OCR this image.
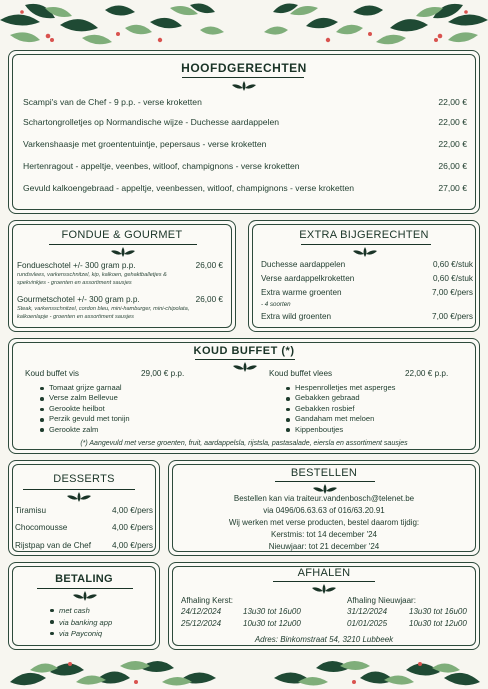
HOOFDGERECHTEN
Scampi's van de Chef - 9 p.p. - verse kroketten	22,00 €
Schartongrolletjes op Normandische wijze - Duchesse aardappelen	22,00 €
Varkenshaasje met groententuintje, pepersaus - verse kroketten	22,00 €
Hertenragout - appeltje, veenbes, witloof, champignons - verse kroketten	26,00 €
Gevuld kalkoengebraad - appeltje, veenbessen, witloof, champignons - verse kroketten	27,00 €
FONDUE & GOURMET
Fondueschotel +/- 300 gram p.p.	26,00 €
rundsvlees, varkensschnitzel, kip, kalkoen, gehaktballetjes & spekvinkjes - groenten en assortiment sausjes
Gourmetschotel +/- 300 gram p.p.	26,00 €
Steak, varkensschnitzel, cordon bleu, mini-hamburger, mini-chipolata, kalkoenlapje - groenten en assortiment sausjes
EXTRA BIJGERECHTEN
Duchesse aardappelen	0,60 €/stuk
Verse aardappelkroketten	0,60 €/stuk
Extra warme groenten	7,00 €/pers
- 4 soorten
Extra wild groenten	7,00 €/pers
KOUD BUFFET (*)
Koud buffet vis	29,00 € p.p.
Tomaat grijze garnaal
Verse zalm Bellevue
Gerookte heilbot
Perzik gevuld met tonijn
Gerookte zalm
Koud buffet vlees	22,00 € p.p.
Hespenrolletjes met asperges
Gebakken gebraad
Gebakken rosbief
Gandaham met meloen
Kippenboutjes
(*) Aangevuld met verse groenten, fruit, aardappelsla, rijstsla, pastasalade, eiersla en assortiment sausjes
DESSERTS
Tiramisu	4,00 €/pers
Chocomousse	4,00 €/pers
Rijstpap van de Chef	4,00 €/pers
BESTELLEN
Bestellen kan via traiteur.vandenbosch@telenet.be
via 0496/06.63.63 of 016/63.20.91
Wij werken met verse producten, bestel daarom tijdig:
Kerstmis: tot 14 december '24
Nieuwjaar: tot 21 december '24
BETALING
met cash
via banking app
via Payconiq
AFHALEN
Afhaling Kerst:
24/12/2024	13u30 tot 16u00
25/12/2024	10u30 tot 12u00
Afhaling Nieuwjaar:
31/12/2024	13u30 tot 16u00
01/01/2025	10u30 tot 12u00
Adres: Binkomstraat 54, 3210 Lubbeek
